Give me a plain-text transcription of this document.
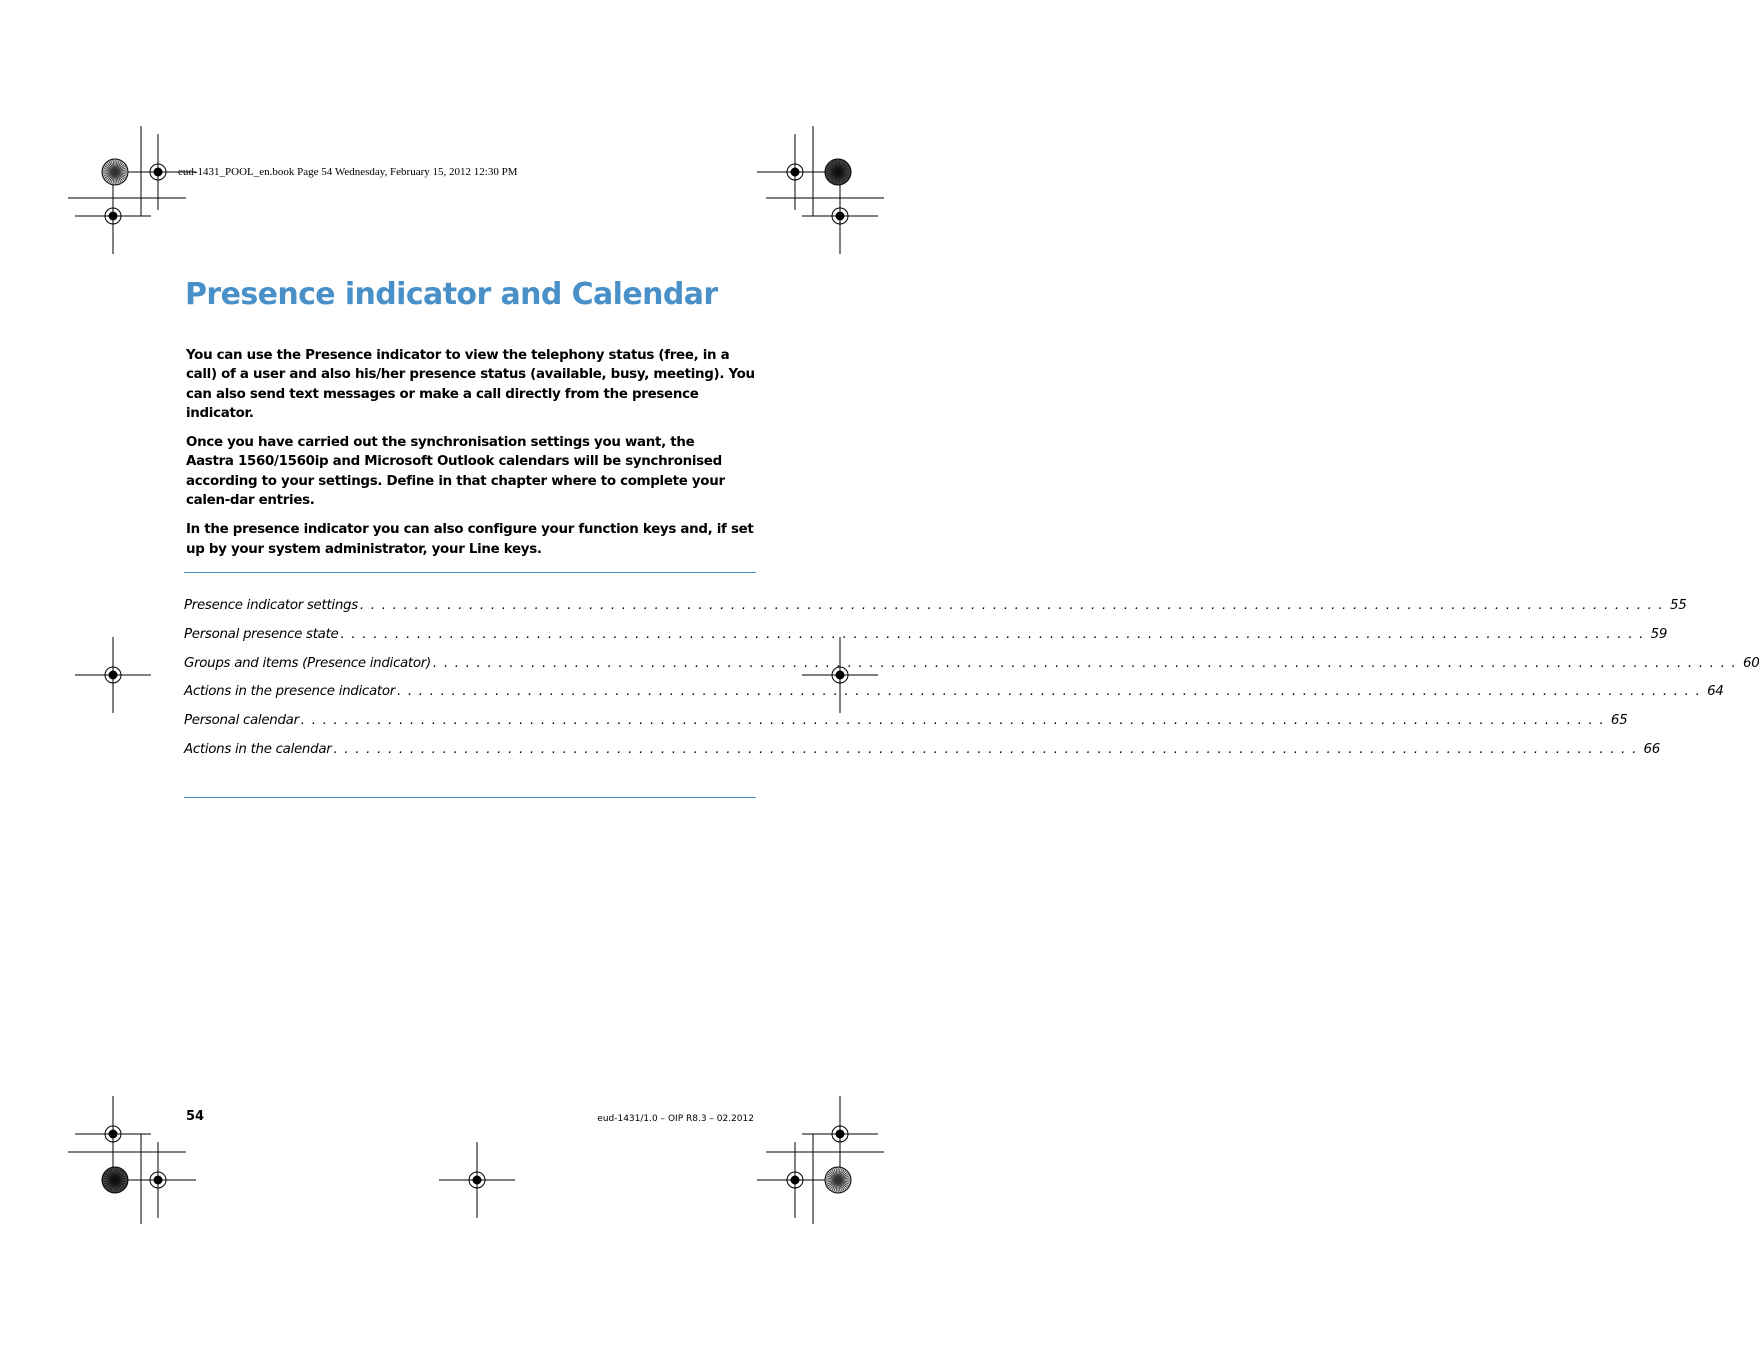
eud-1431_POOL_en.book Page 54 Wednesday, February 15, 2012 12:30 PM
Presence indicator and Calendar

You can use the Presence indicator to view the telephony status (free, in a call) of a user and also his/her presence status (available, busy, meeting). You can also send text messages or make a call directly from the presence indicator.

Once you have carried out the synchronisation settings you want, the
Aastra 1560/1560ip and Microsoft Outlook calendars will be synchronised according to your settings. Define in that chapter where to complete your calen-dar entries.

In the presence indicator you can also configure your function keys and, if set up by your system administrator, your Line keys.

Presence indicator settings . . . . . . . . . . . . . . . . . . . . . . . . . . . . . . . . . . . . . . . . . . . . . . . . . . . . . . . . . . . . . . . . . . . . . . . . . . . . . . . . . . . . . . . . . . . . . . . . . . . . . . . . . . . . . . . . . . . . . . . . 55
Personal presence state . . . . . . . . . . . . . . . . . . . . . . . . . . . . . . . . . . . . . . . . . . . . . . . . . . . . . . . . . . . . . . . . . . . . . . . . . . . . . . . . . . . . . . . . . . . . . . . . . . . . . . . . . . . . . . . . . . . . . . . . 59
Groups and items (Presence indicator) . . . . . . . . . . . . . . . . . . . . . . . . . . . . . . . . . . . . . . . . . . . . . . . . . . . . . . . . . . . . . . . . . . . . . . . . . . . . . . . . . . . . . . . . . . . . . . . . . . . . . . . . . . . . . . . . . . . . . . . . 60
Actions in the presence indicator . . . . . . . . . . . . . . . . . . . . . . . . . . . . . . . . . . . . . . . . . . . . . . . . . . . . . . . . . . . . . . . . . . . . . . . . . . . . . . . . . . . . . . . . . . . . . . . . . . . . . . . . . . . . . . . . . . . . . . . . 64
Personal calendar . . . . . . . . . . . . . . . . . . . . . . . . . . . . . . . . . . . . . . . . . . . . . . . . . . . . . . . . . . . . . . . . . . . . . . . . . . . . . . . . . . . . . . . . . . . . . . . . . . . . . . . . . . . . . . . . . . . . . . . . 65
Actions in the calendar . . . . . . . . . . . . . . . . . . . . . . . . . . . . . . . . . . . . . . . . . . . . . . . . . . . . . . . . . . . . . . . . . . . . . . . . . . . . . . . . . . . . . . . . . . . . . . . . . . . . . . . . . . . . . . . . . . . . . . . . 66
54	eud-1431/1.0 – OIP R8.3 – 02.2012
